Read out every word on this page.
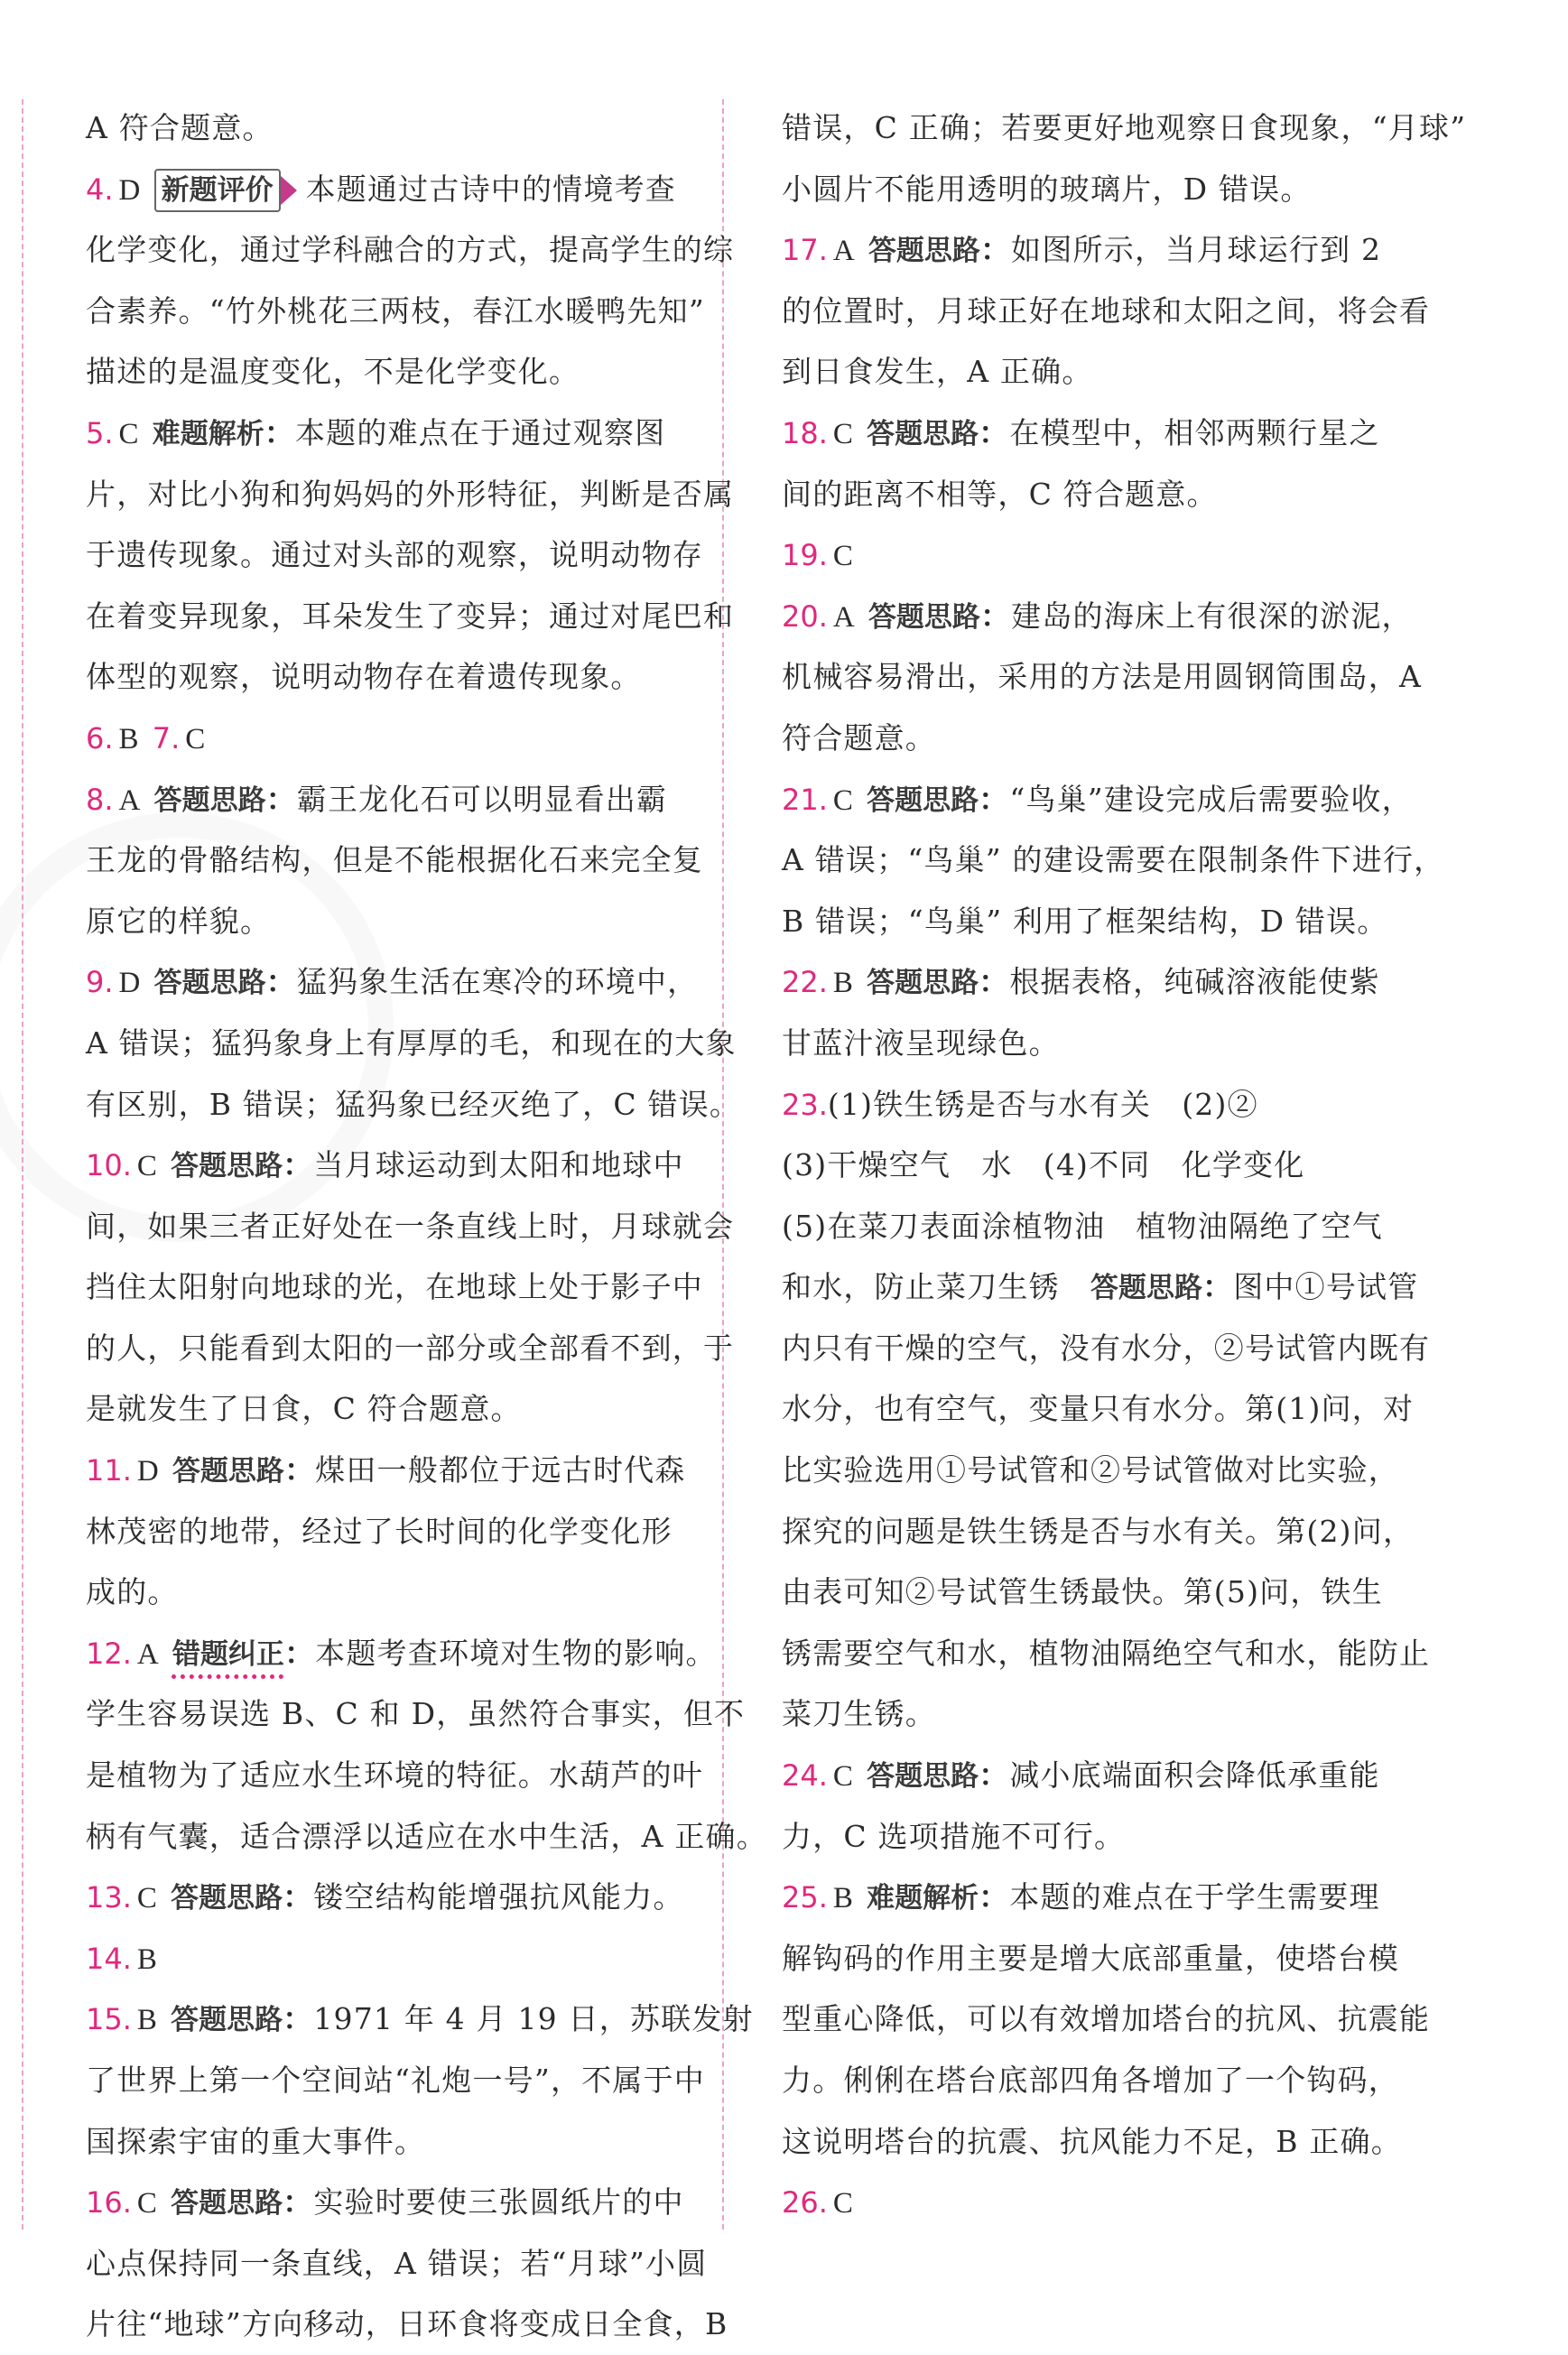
A 符合题意。
4. D 新题评价 本题通过古诗中的情境考查
化学变化，通过学科融合的方式，提高学生的综
合素养。“竹外桃花三两枝，春江水暖鸭先知”
描述的是温度变化，不是化学变化。
5. C 难题解析：本题的难点在于通过观察图
片，对比小狗和狗妈妈的外形特征，判断是否属
于遗传现象。通过对头部的观察，说明动物存
在着变异现象，耳朵发生了变异；通过对尾巴和
体型的观察，说明动物存在着遗传现象。
6. B 7. C
8. A 答题思路：霸王龙化石可以明显看出霸
王龙的骨骼结构，但是不能根据化石来完全复
原它的样貌。
9. D 答题思路：猛犸象生活在寒冷的环境中，
A 错误；猛犸象身上有厚厚的毛，和现在的大象
有区别，B 错误；猛犸象已经灭绝了，C 错误。
10. C 答题思路：当月球运动到太阳和地球中
间，如果三者正好处在一条直线上时，月球就会
挡住太阳射向地球的光，在地球上处于影子中
的人，只能看到太阳的一部分或全部看不到，于
是就发生了日食，C 符合题意。
11. D 答题思路：煤田一般都位于远古时代森
林茂密的地带，经过了长时间的化学变化形
成的。
12. A 错题纠正：本题考查环境对生物的影响。
学生容易误选 B、C 和 D，虽然符合事实，但不
是植物为了适应水生环境的特征。水葫芦的叶
柄有气囊，适合漂浮以适应在水中生活，A 正确。
13. C 答题思路：镂空结构能增强抗风能力。
14. B
15. B 答题思路：1971 年 4 月 19 日，苏联发射
了世界上第一个空间站“礼炮一号”，不属于中
国探索宇宙的重大事件。
16. C 答题思路：实验时要使三张圆纸片的中
心点保持同一条直线，A 错误；若“月球”小圆
片往“地球”方向移动，日环食将变成日全食，B
错误，C 正确；若要更好地观察日食现象，“月球”
小圆片不能用透明的玻璃片，D 错误。
17. A 答题思路：如图所示，当月球运行到 2
的位置时，月球正好在地球和太阳之间，将会看
到日食发生，A 正确。
18. C 答题思路：在模型中，相邻两颗行星之
间的距离不相等，C 符合题意。
19. C
20. A 答题思路：建岛的海床上有很深的淤泥，
机械容易滑出，采用的方法是用圆钢筒围岛，A
符合题意。
21. C 答题思路：“鸟巢”建设完成后需要验收，
A 错误；“鸟巢” 的建设需要在限制条件下进行，
B 错误；“鸟巢” 利用了框架结构，D 错误。
22. B 答题思路：根据表格，纯碱溶液能使紫
甘蓝汁液呈现绿色。
23.(1)铁生锈是否与水有关　(2)②
(3)干燥空气　水　(4)不同　化学变化
(5)在菜刀表面涂植物油　植物油隔绝了空气
和水，防止菜刀生锈　 答题思路：图中①号试管
内只有干燥的空气，没有水分，②号试管内既有
水分，也有空气，变量只有水分。第(1)问，对
比实验选用①号试管和②号试管做对比实验，
探究的问题是铁生锈是否与水有关。第(2)问，
由表可知②号试管生锈最快。第(5)问，铁生
锈需要空气和水，植物油隔绝空气和水，能防止
菜刀生锈。
24. C 答题思路：减小底端面积会降低承重能
力，C 选项措施不可行。
25. B 难题解析：本题的难点在于学生需要理
解钩码的作用主要是增大底部重量，使塔台模
型重心降低，可以有效增加塔台的抗风、抗震能
力。俐俐在塔台底部四角各增加了一个钩码，
这说明塔台的抗震、抗风能力不足，B 正确。
26. C
